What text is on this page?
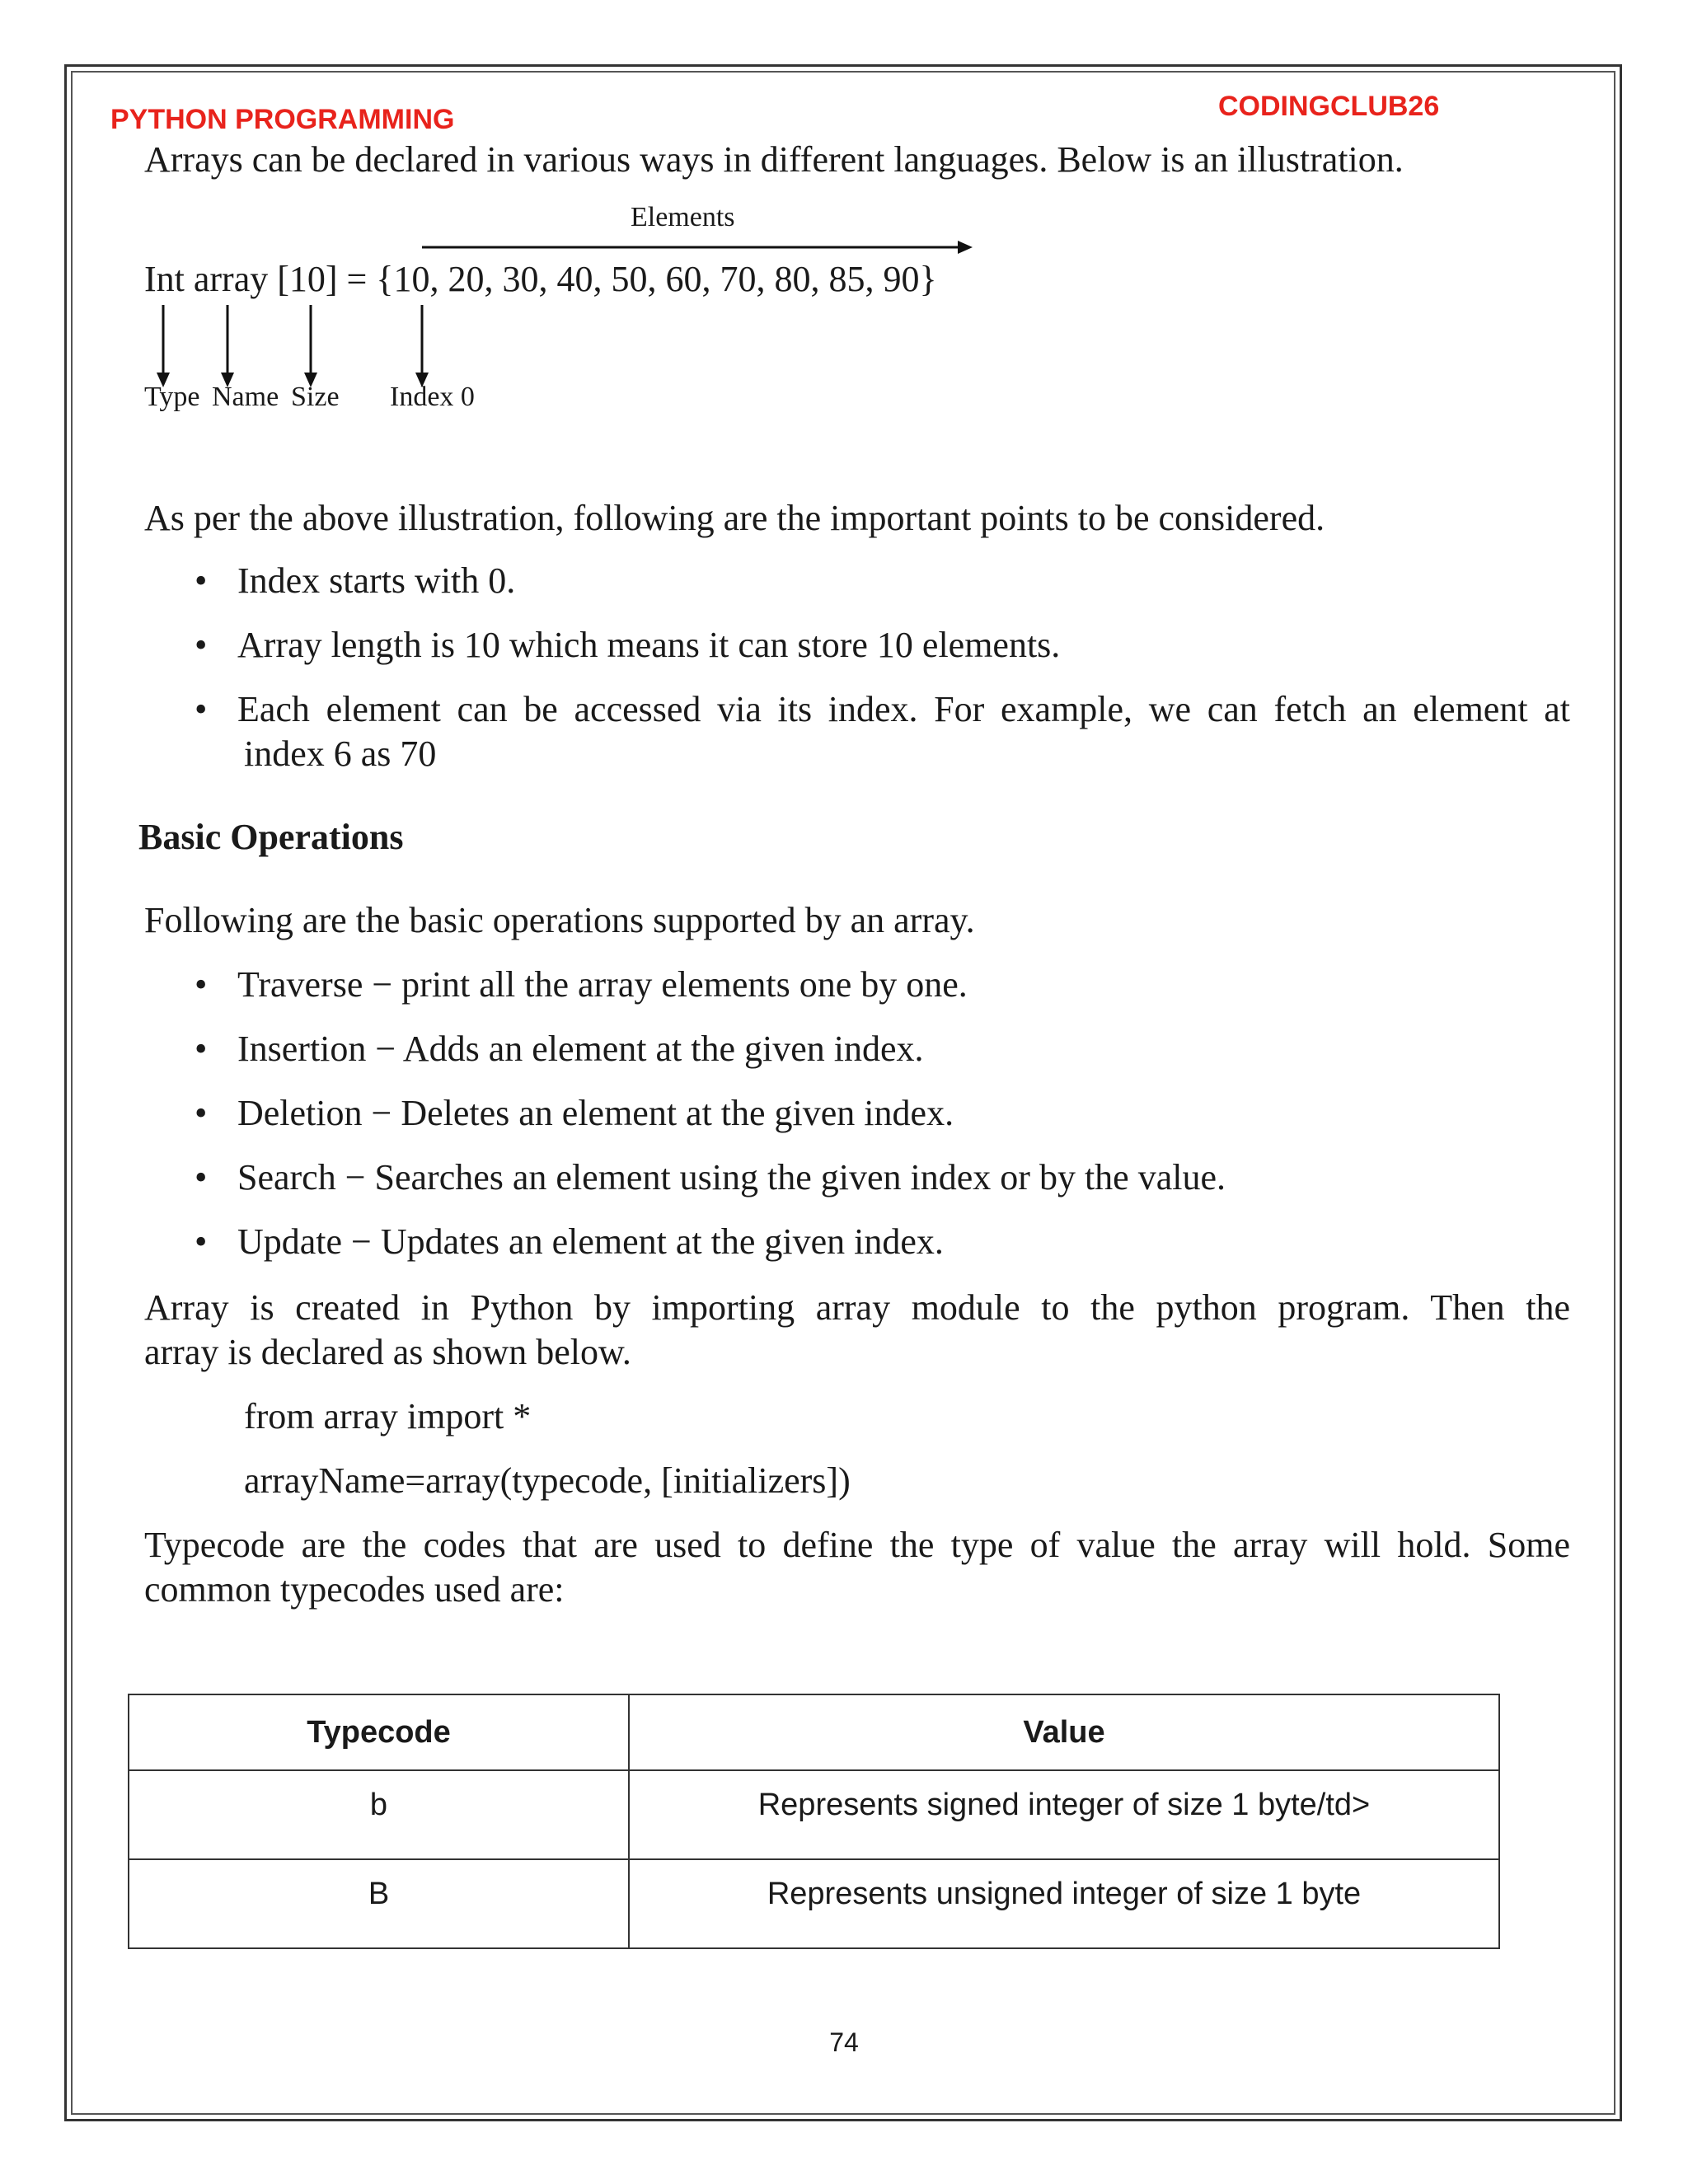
PYTHON PROGRAMMING	CODINGCLUB26

Arrays can be declared in various ways in different languages. Below is an illustration.

Elements

Int array [10] = {10, 20, 30, 40, 50, 60, 70, 80, 85, 90}

Type Name Size Index 0

As per the above illustration, following are the important points to be considered.

• Index starts with 0.
• Array length is 10 which means it can store 10 elements.
• Each element can be accessed via its index. For example, we can fetch an element at
index 6 as 70
Basic Operations

Following are the basic operations supported by an array.

• Traverse − print all the array elements one by one.
• Insertion − Adds an element at the given index.
• Deletion − Deletes an element at the given index.
• Search − Searches an element using the given index or by the value.
• Update − Updates an element at the given index.

Array is created in Python by importing array module to the python program. Then the

array is declared as shown below.

from array import *
arrayName=array(typecode, [initializers])

Typecode are the codes that are used to define the type of value the array will hold. Some

common typecodes used are:

Typecode	Value
b	Represents signed integer of size 1 byte/td>
B	Represents unsigned integer of size 1 byte
74
